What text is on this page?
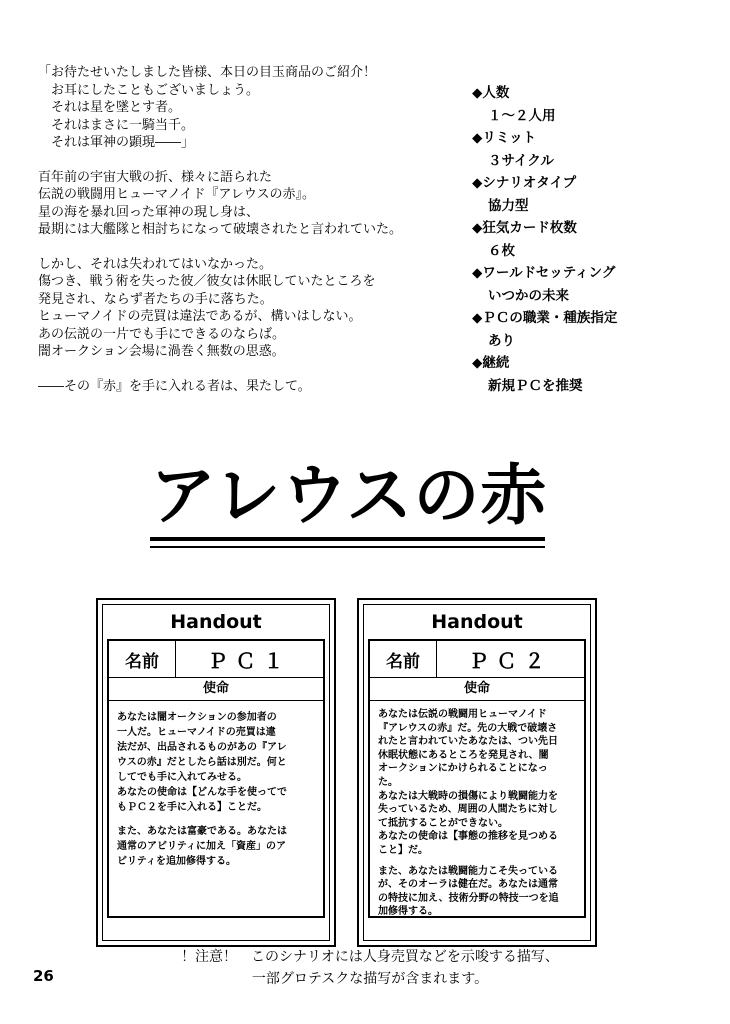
「お待たせいたしました皆様、本日の目玉商品のご紹介！
　お耳にしたこともございましょう。
　それは星を墜とす者。
　それはまさに一騎当千。
　それは軍神の顕現――」
百年前の宇宙大戦の折、様々に語られた
伝説の戦闘用ヒューマノイド『アレウスの赤』。
星の海を暴れ回った軍神の現し身は、
最期には大艦隊と相討ちになって破壊されたと言われていた。
しかし、それは失われてはいなかった。
傷つき、戦う術を失った彼／彼女は休眠していたところを
発見され、ならず者たちの手に落ちた。
ヒューマノイドの売買は違法であるが、構いはしない。
あの伝説の一片でも手にできるのならば。
闇オークション会場に渦巻く無数の思惑。
――その『赤』を手に入れる者は、果たして。
◆人数
１～２人用
◆リミット
３サイクル
◆シナリオタイプ
協力型
◆狂気カード枚数
６枚
◆ワールドセッティング
いつかの未来
◆ＰＣの職業・種族指定
あり
◆継続
新規ＰＣを推奨
アレウスの赤
Handout
名前	ＰＣ１
使命
あなたは闇オークションの参加者の
一人だ。ヒューマノイドの売買は違
法だが、出品されるものがあの『アレ
ウスの赤』だとしたら話は別だ。何と
してでも手に入れてみせる。
あなたの使命は【どんな手を使ってで
もＰＣ２を手に入れる】ことだ。
また、あなたは富豪である。あなたは
通常のアビリティに加え「資産」のア
ビリティを追加修得する。
Handout
名前	ＰＣ２
使命
あなたは伝説の戦闘用ヒューマノイド
『アレウスの赤』だ。先の大戦で破壊さ
れたと言われていたあなたは、つい先日
休眠状態にあるところを発見され、闇
オークションにかけられることになっ
た。
あなたは大戦時の損傷により戦闘能力を
失っているため、周囲の人間たちに対し
て抵抗することができない。
あなたの使命は【事態の推移を見つめる
こと】だ。
また、あなたは戦闘能力こそ失っている
が、そのオーラは健在だ。あなたは通常
の特技に加え、技術分野の特技一つを追
加修得する。
！注意！　このシナリオには人身売買などを示唆する描写、
一部グロテスクな描写が含まれます。
26
